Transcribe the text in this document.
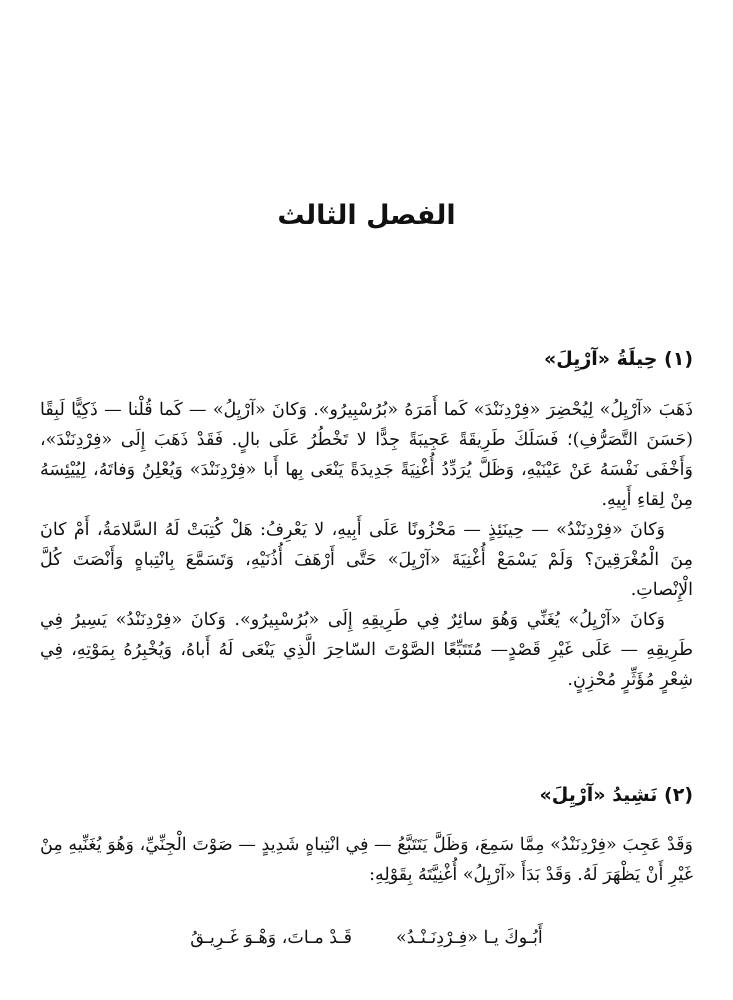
الفصل الثالث
(١) حِيلَةُ «آرْيِلَ»

ذَهَبَ «آرْيِلُ» لِيُحْضِرَ «فِرْدِنَنْدَ» كَما أَمَرَهُ «بُرُسْبِيرُو». وَكانَ «آرْيِلُ» — كَما قُلْنا — ذَكِيًّا لَبِقًا (حَسَنَ التَّصَرُّفِ)؛ فَسَلَكَ طَرِيقَةً عَجِيبَةً جِدًّا لا تَخْطُرُ عَلَى بالٍ. فَقَدْ ذَهَبَ إِلَى «فِرْدِنَنْدَ»، وَأَخْفَى نَفْسَهُ عَنْ عَيْنَيْهِ، وَظَلَّ يُرَدِّدُ أُغْنِيَةً جَدِيدَةً يَنْعَى بِها أَبا «فِرْدِنَنْدَ» وَيُعْلِنُ وَفاتَهُ، لِيُيْئِسَهُ مِنْ لِقاءِ أَبِيهِ.

وَكانَ «فِرْدِنَنْدُ» — حِينَئِذٍ — مَحْزُونًا عَلَى أَبِيهِ، لا يَعْرِفُ: هَلْ كُتِبَتْ لَهُ السَّلامَةُ، أَمْ كانَ مِنَ الْمُغْرَقِينَ؟ وَلَمْ يَسْمَعْ أُغْنِيَةَ «آرْيِلَ» حَتَّى أَرْهَفَ أُذُنَيْهِ، وَتَسَمَّعَ بِانْتِباهٍ وَأَنْصَتَ كُلَّ الْإِنْصاتِ.

وَكانَ «آرْيِلُ» يُغَنِّي وَهُوَ سائِرٌ فِي طَرِيقِهِ إِلَى «بُرُسْبِيرُو». وَكانَ «فِرْدِنَنْدُ» يَسِيرُ فِي طَرِيقِهِ — عَلَى غَيْرِ قَصْدٍ— مُتَتَبِّعًا الصَّوْتَ السّاحِرَ الَّذِي يَنْعَى لَهُ أَباهُ، وَيُخْبِرُهُ بِمَوْتِهِ، فِي شِعْرٍ مُؤَثِّرٍ مُحْزِنٍ.

(٢) نَشِيدُ «آرْيِلَ»

وَقَدْ عَجِبَ «فِرْدِنَنْدُ» مِمَّا سَمِعَ، وَظَلَّ يَتَتَبَّعُ — فِي انْتِباهٍ شَدِيدٍ — صَوْتَ الْجِنِّيِّ، وَهُوَ يُغَنِّيهِ مِنْ غَيْرِ أَنْ يَظْهَرَ لَهُ. وَقَدْ بَدَأَ «آرْيِلُ» أُغْنِيَّتَهُ بِقَوْلِهِ:

أَبُـوكَ يـا «فِـرْدِنَـنْـدُ»
قَـدْ مـاتَ، وَهْـوَ غَـرِيـقُ
